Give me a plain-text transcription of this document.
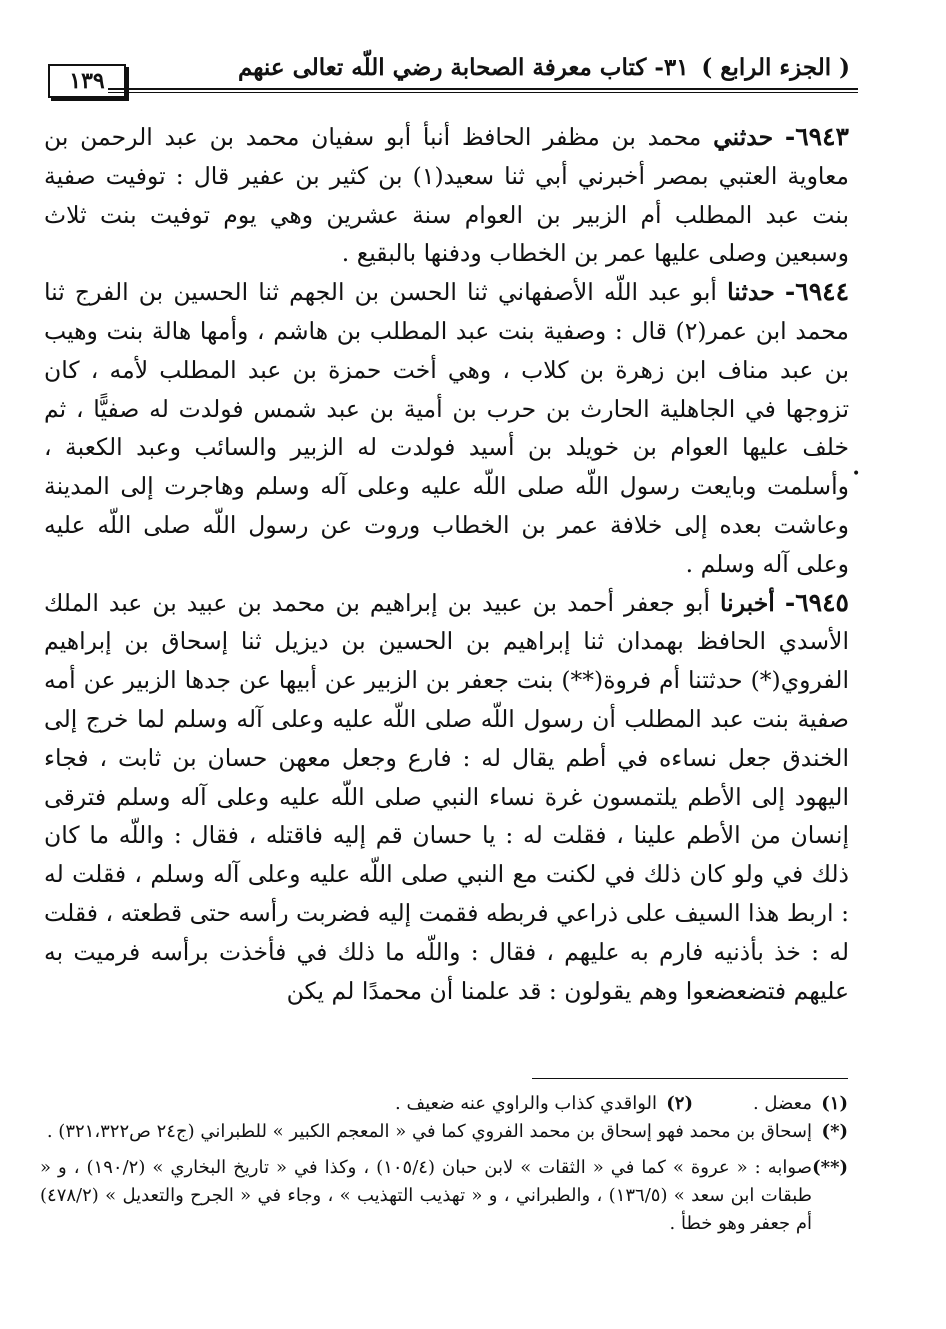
١٣٩	٣١- كتاب معرفة الصحابة رضي اللّه تعالى عنهم ( الجزء الرابع )

٦٩٤٣- حدثني محمد بن مظفر الحافظ أنبأ أبو سفيان محمد بن عبد الرحمن بن معاوية العتبي بمصر أخبرني أبي ثنا سعيد(١) بن كثير بن عفير قال : توفيت صفية بنت عبد المطلب أم الزبير بن العوام سنة عشرين وهي يوم توفيت بنت ثلاث وسبعين وصلى عليها عمر بن الخطاب ودفنها بالبقيع .

٦٩٤٤- حدثنا أبو عبد اللّه الأصفهاني ثنا الحسن بن الجهم ثنا الحسين بن الفرج ثنا محمد ابن عمر(٢) قال : وصفية بنت عبد المطلب بن هاشم ، وأمها هالة بنت وهيب بن عبد مناف ابن زهرة بن كلاب ، وهي أخت حمزة بن عبد المطلب لأمه ، كان تزوجها في الجاهلية الحارث بن حرب بن أمية بن عبد شمس فولدت له صفيًّا ، ثم خلف عليها العوام بن خويلد بن أسيد فولدت له الزبير والسائب وعبد الكعبة ، وأسلمت وبايعت رسول اللّه صلى اللّه عليه وعلى آله وسلم وهاجرت إلى المدينة وعاشت بعده إلى خلافة عمر بن الخطاب وروت عن رسول اللّه صلى اللّه عليه وعلى آله وسلم .

٦٩٤٥- أخبرنا أبو جعفر أحمد بن عبيد بن إبراهيم بن محمد بن عبيد بن عبد الملك الأسدي الحافظ بهمدان ثنا إبراهيم بن الحسين بن ديزيل ثنا إسحاق بن إبراهيم الفروي(*) حدثتنا أم فروة(**) بنت جعفر بن الزبير عن أبيها عن جدها الزبير عن أمه صفية بنت عبد المطلب أن رسول اللّه صلى اللّه عليه وعلى آله وسلم لما خرج إلى الخندق جعل نساءه في أطم يقال له : فارع وجعل معهن حسان بن ثابت ، فجاء اليهود إلى الأطم يلتمسون غرة نساء النبي صلى اللّه عليه وعلى آله وسلم فترقى إنسان من الأطم علينا ، فقلت له : يا حسان قم إليه فاقتله ، فقال : واللّه ما كان ذلك في ولو كان ذلك في لكنت مع النبي صلى اللّه عليه وعلى آله وسلم ، فقلت له : اربط هذا السيف على ذراعي فربطه فقمت إليه فضربت رأسه حتى قطعته ، فقلت له : خذ بأذنيه فارم به عليهم ، فقال : واللّه ما ذلك في فأخذت برأسه فرميت به عليهم فتضعضعوا وهم يقولون : قد علمنا أن محمدًا لم يكن

•

(١)
معضل .

(٢)
الواقدي كذاب والراوي عنه ضعيف .

(*)
إسحاق بن محمد فهو إسحاق بن محمد الفروي كما في « المعجم الكبير » للطبراني (ج٢٤ ص٣٢١،٣٢٢) .

(**)
صوابه : « عروة » كما في « الثقات » لابن حبان (١٠٥/٤) ، وكذا في « تاريخ البخاري » (١٩٠/٢) ، و « طبقات ابن سعد » (١٣٦/٥) ، والطبراني ، و « تهذيب التهذيب » ، وجاء في « الجرح والتعديل » (٤٧٨/٢) أم جعفر وهو خطأ .
